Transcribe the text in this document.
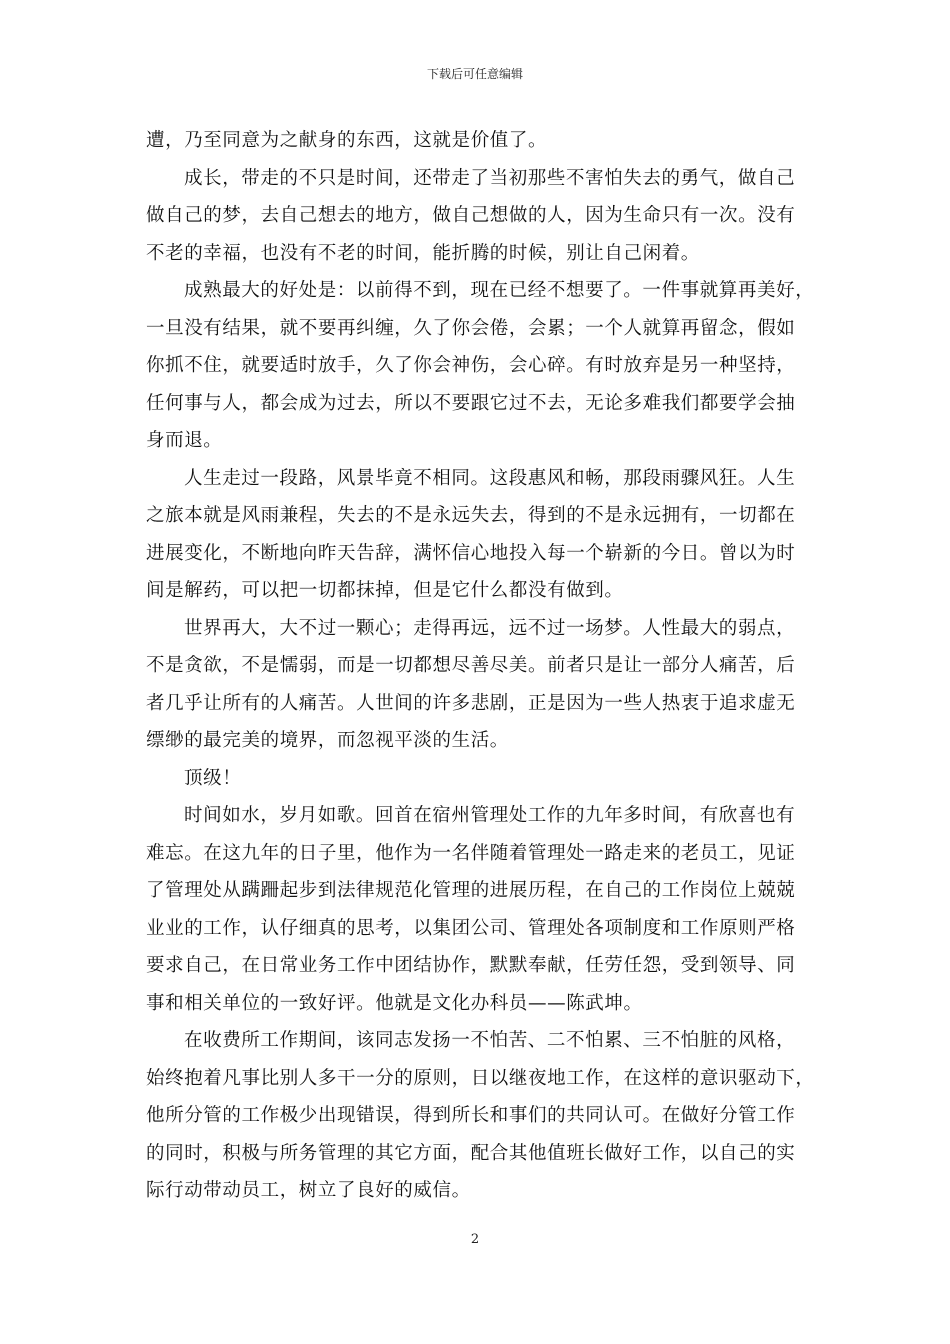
下载后可任意编辑
遭，乃至同意为之献身的东西，这就是价值了。
成长，带走的不只是时间，还带走了当初那些不害怕失去的勇气，做自己
做自己的梦，去自己想去的地方，做自己想做的人，因为生命只有一次。没有
不老的幸福，也没有不老的时间，能折腾的时候，别让自己闲着。
成熟最大的好处是：以前得不到，现在已经不想要了。一件事就算再美好，
一旦没有结果，就不要再纠缠，久了你会倦，会累；一个人就算再留念，假如
你抓不住，就要适时放手，久了你会神伤，会心碎。有时放弃是另一种坚持，
任何事与人，都会成为过去，所以不要跟它过不去，无论多难我们都要学会抽
身而退。
人生走过一段路，风景毕竟不相同。这段惠风和畅，那段雨骤风狂。人生
之旅本就是风雨兼程，失去的不是永远失去，得到的不是永远拥有，一切都在
进展变化，不断地向昨天告辞，满怀信心地投入每一个崭新的今日。曾以为时
间是解药，可以把一切都抹掉，但是它什么都没有做到。
世界再大，大不过一颗心；走得再远，远不过一场梦。人性最大的弱点，
不是贪欲，不是懦弱，而是一切都想尽善尽美。前者只是让一部分人痛苦，后
者几乎让所有的人痛苦。人世间的许多悲剧，正是因为一些人热衷于追求虚无
缥缈的最完美的境界，而忽视平淡的生活。
顶级！
时间如水，岁月如歌。回首在宿州管理处工作的九年多时间，有欣喜也有
难忘。在这九年的日子里，他作为一名伴随着管理处一路走来的老员工，见证
了管理处从蹒跚起步到法律规范化管理的进展历程，在自己的工作岗位上兢兢
业业的工作，认仔细真的思考，以集团公司、管理处各项制度和工作原则严格
要求自己，在日常业务工作中团结协作，默默奉献，任劳任怨，受到领导、同
事和相关单位的一致好评。他就是文化办科员——陈武坤。
在收费所工作期间，该同志发扬一不怕苦、二不怕累、三不怕脏的风格，
始终抱着凡事比别人多干一分的原则，日以继夜地工作，在这样的意识驱动下，
他所分管的工作极少出现错误，得到所长和事们的共同认可。在做好分管工作
的同时，积极与所务管理的其它方面，配合其他值班长做好工作，以自己的实
际行动带动员工，树立了良好的威信。
2
